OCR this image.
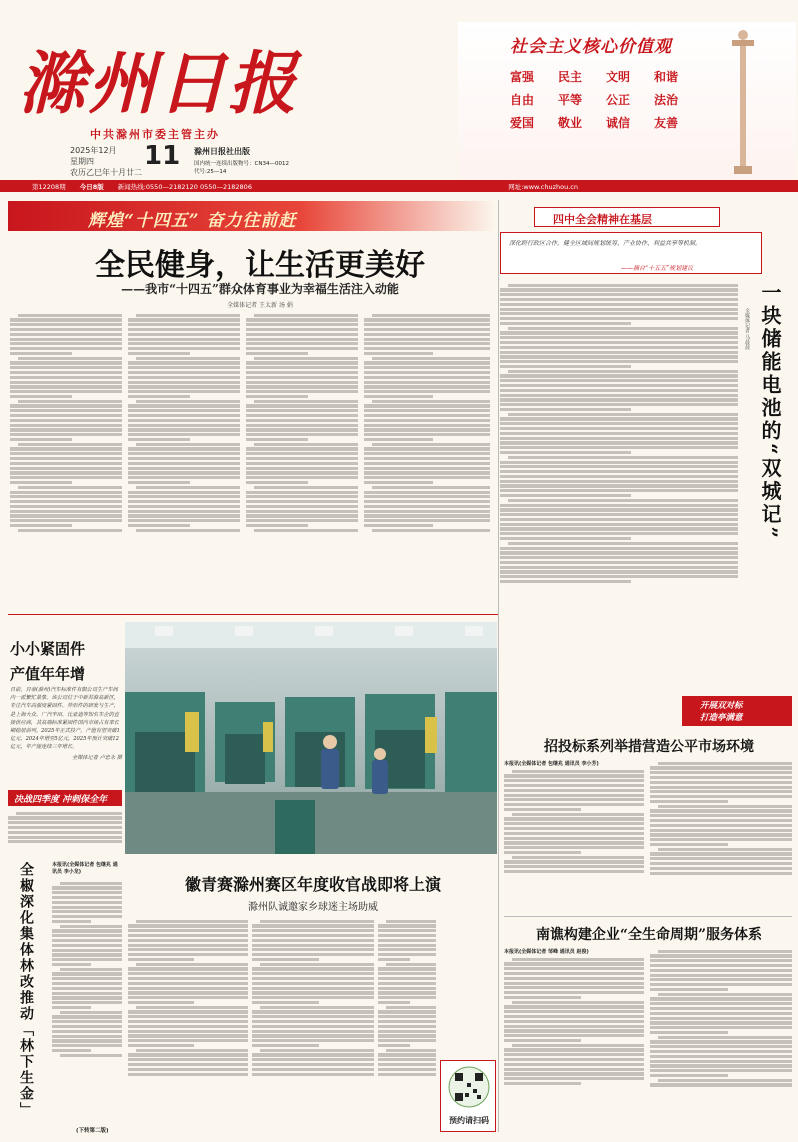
滁州日报
中共滁州市委主管主办
2025年12月
星期四
农历乙巳年十月廿二
11 滁州日报社出版
国内统一连续出版物号：CN34—0012
代号:25—14
社会主义核心价值观
富强	民主	文明	和谐
自由	平等	公正	法治
爱国	敬业	诚信	友善
第12208期 今日8版 新闻热线:0550—2182120 0550—2182806	网址:www.chuzhou.cn
辉煌“十四五” 奋力往前赶
全民健身，让生活更美好
——我市“十四五”群众体育事业为幸福生活注入动能
全媒体记者 王太新 汤 娟
四中全会精神在基层
深化跨行政区合作，健全区域间规划统筹、产业协作、利益共享等机制。
——摘自“十五五”规划建议
一块储能电池的“双城记”
全媒体记者 马晨晨
小小紧固件
产值年年增
日前，日泰(滁州)汽车标准件有限公司生产车间内一派繁忙景象。该公司位于中新苏滁高新区，专注汽车高强度紧固件、异形件的研发与生产，是上海大众、广汽丰田、比亚迪等知名车企的直接供应商，其高端标准紧固件国内市场占有率长期稳居前列。2025年正式投产，产值有望突破1亿元，2024年增至5亿元，2025年预计突破12亿元，年产能连续三年增长。
全媒体记者 卢忠永 摄
徽青赛滁州赛区年度收官战即将上演
滁州队诚邀家乡球迷主场助威
预约请扫码
决战四季度 冲刺保全年
全椒深化集体林改推动「林下生金」	本报讯(全媒体记者 包继兆 通讯员 李小龙)
(下转第二版)
开展双对标
打造亭满意
招投标系列举措营造公平市场环境
本报讯(全媒体记者 包继兆 通讯员 李小芳)
南谯构建企业“全生命周期”服务体系
本报讯(全媒体记者 邹峰 通讯员 赵俊)
